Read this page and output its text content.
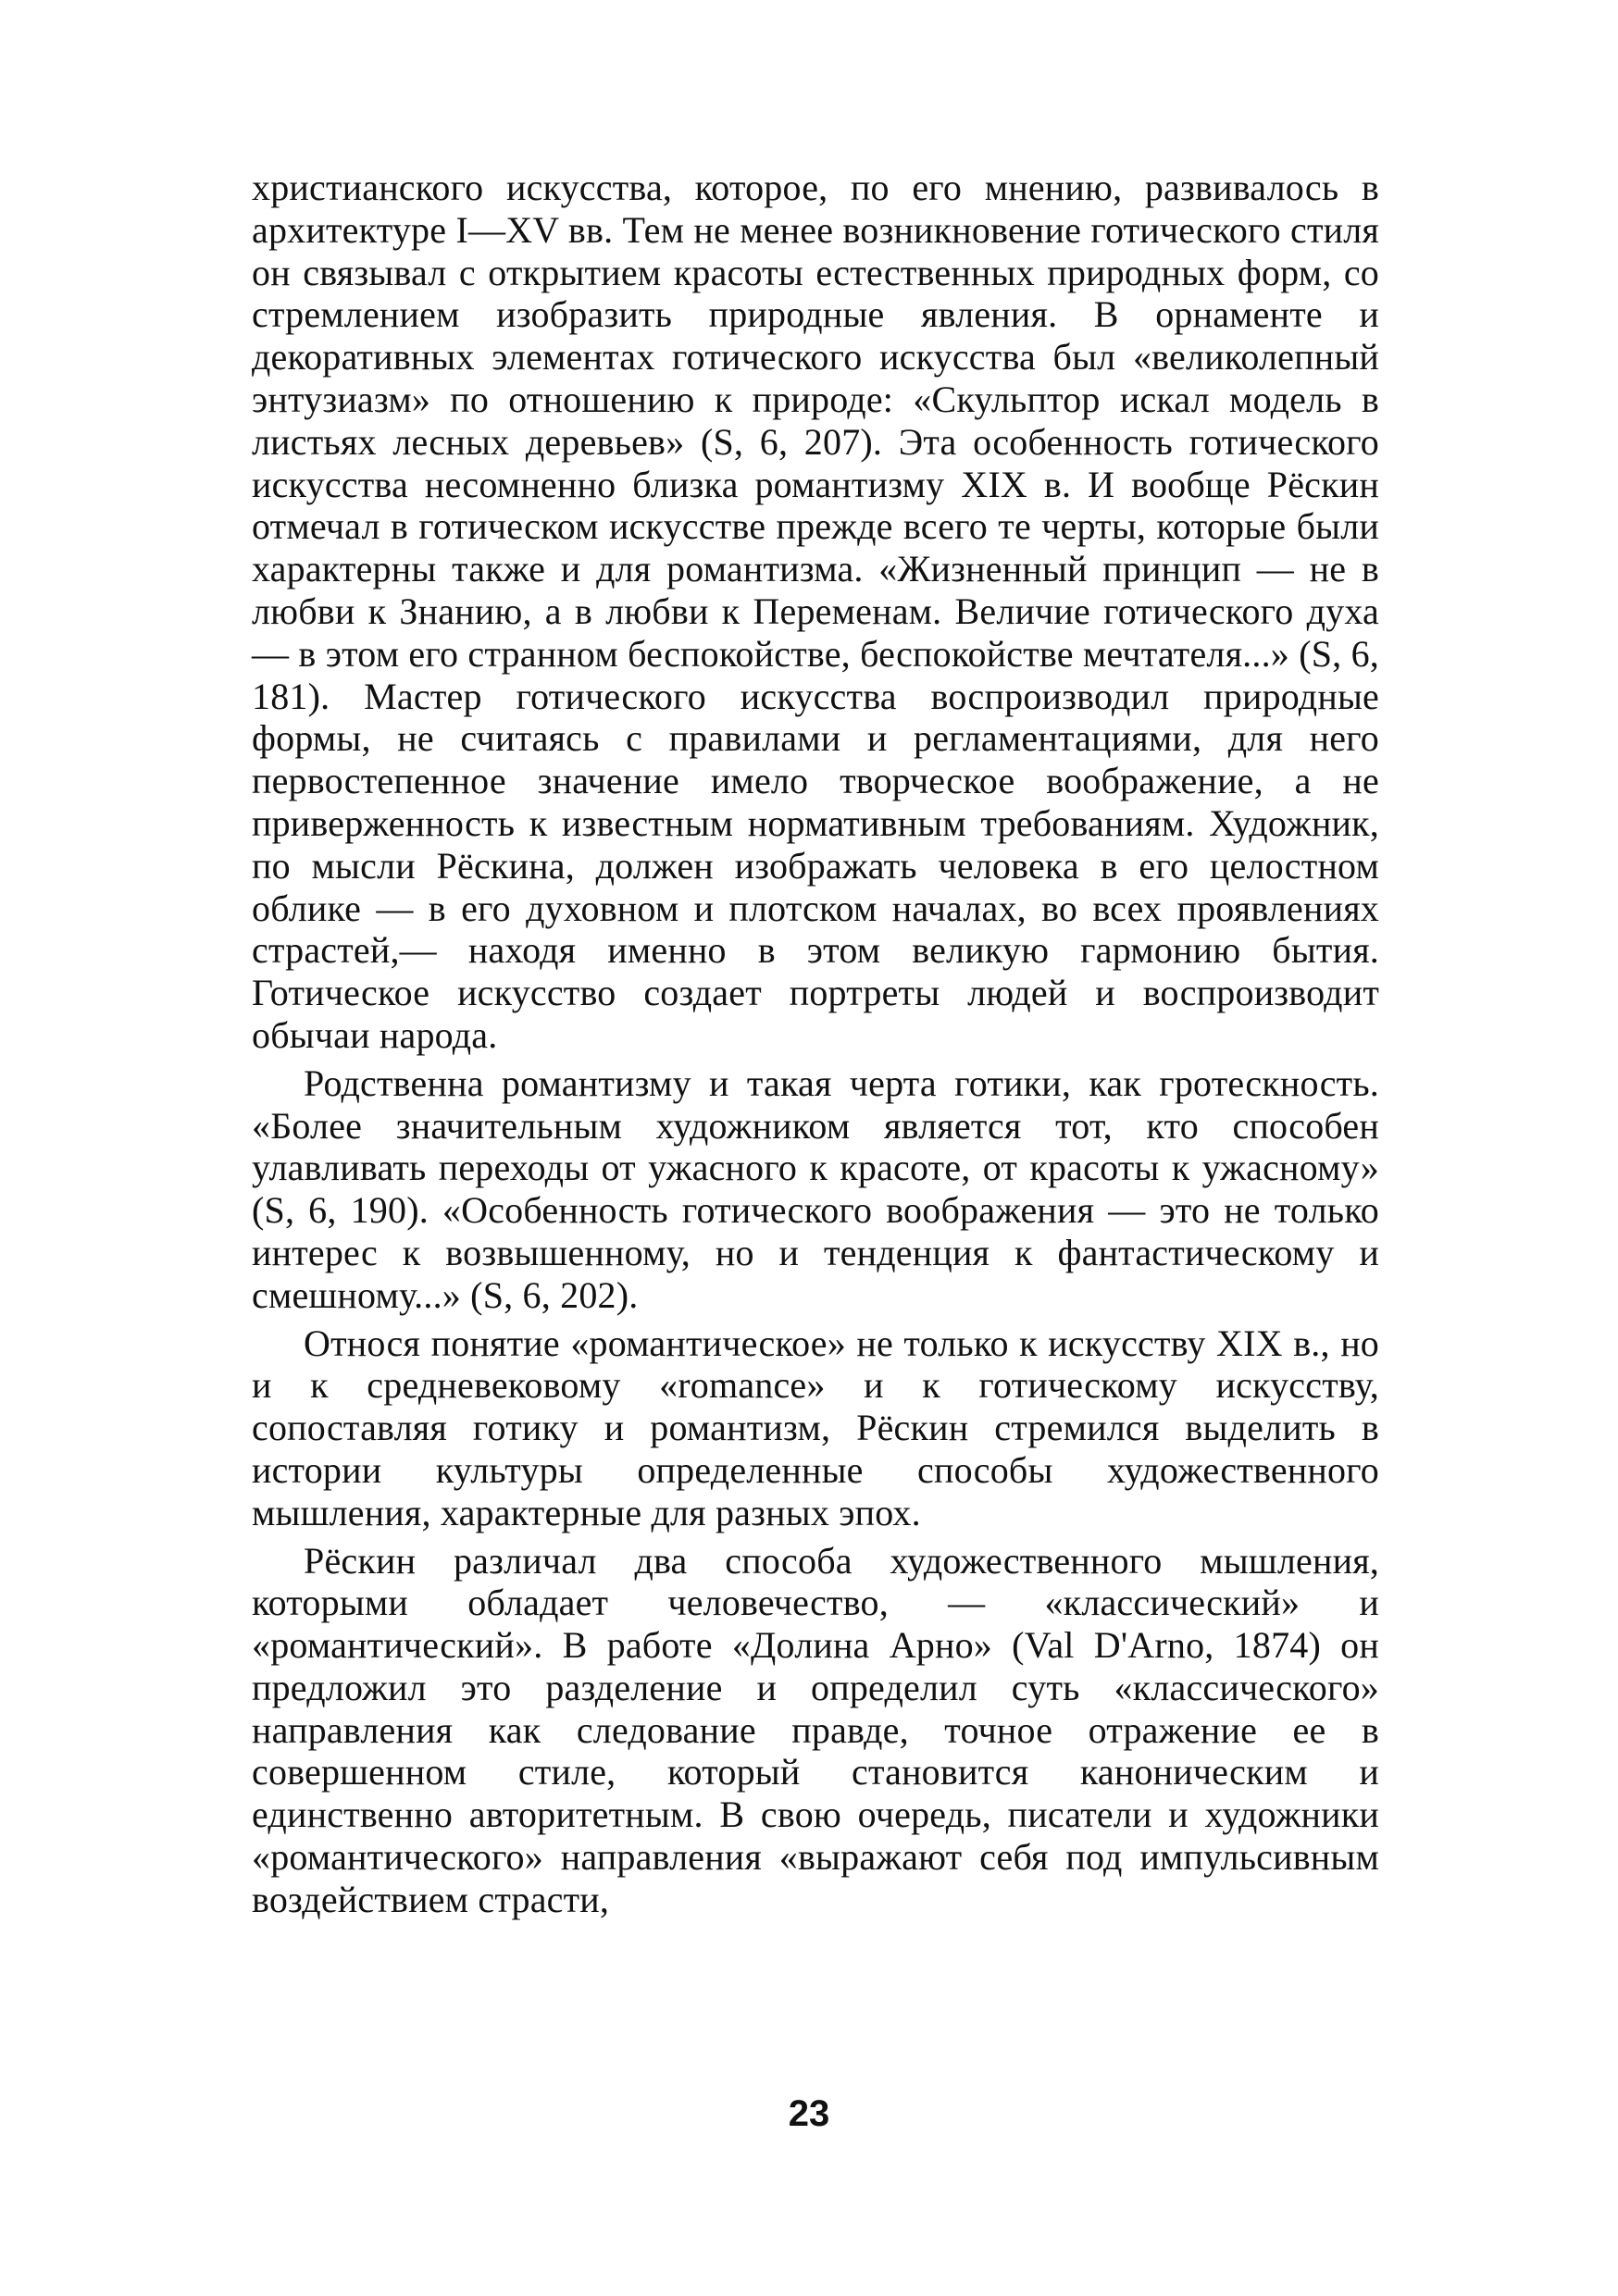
христианского искусства, которое, по его мнению, развивалось в архитектуре I—XV вв. Тем не менее возникновение готического стиля он связывал с открытием красоты естественных природных форм, со стремлением изобразить природные явления. В орнаменте и декоративных элементах готического искусства был «великолепный энтузиазм» по отношению к природе: «Скульптор искал модель в листьях лесных деревьев» (S, 6, 207). Эта особенность готического искусства несомненно близка романтизму XIX в. И вообще Рёскин отмечал в готическом искусстве прежде всего те черты, которые были характерны также и для романтизма. «Жизненный принцип — не в любви к Знанию, а в любви к Переменам. Величие готического духа — в этом его странном беспокойстве, беспокойстве мечтателя...» (S, 6, 181). Мастер готического искусства воспроизводил природные формы, не считаясь с правилами и регламентациями, для него первостепенное значение имело творческое воображение, а не приверженность к известным нормативным требованиям. Художник, по мысли Рёскина, должен изображать человека в его целостном облике — в его духовном и плотском началах, во всех проявлениях страстей,— находя именно в этом великую гармонию бытия. Готическое искусство создает портреты людей и воспроизводит обычаи народа.

Родственна романтизму и такая черта готики, как гротескность. «Более значительным художником является тот, кто способен улавливать переходы от ужасного к красоте, от красоты к ужасному» (S, 6, 190). «Особенность готического воображения — это не только интерес к возвышенному, но и тенденция к фантастическому и смешному...» (S, 6, 202).

Относя понятие «романтическое» не только к искусству XIX в., но и к средневековому «romance» и к готическому искусству, сопоставляя готику и романтизм, Рёскин стремился выделить в истории культуры определенные способы художественного мышления, характерные для разных эпох.

Рёскин различал два способа художественного мышления, которыми обладает человечество, — «классический» и «романтический». В работе «Долина Арно» (Val D'Arno, 1874) он предложил это разделение и определил суть «классического» направления как следование правде, точное отражение ее в совершенном стиле, который становится каноническим и единственно авторитетным. В свою очередь, писатели и художники «романтического» направления «выражают себя под импульсивным воздействием страсти,

23
